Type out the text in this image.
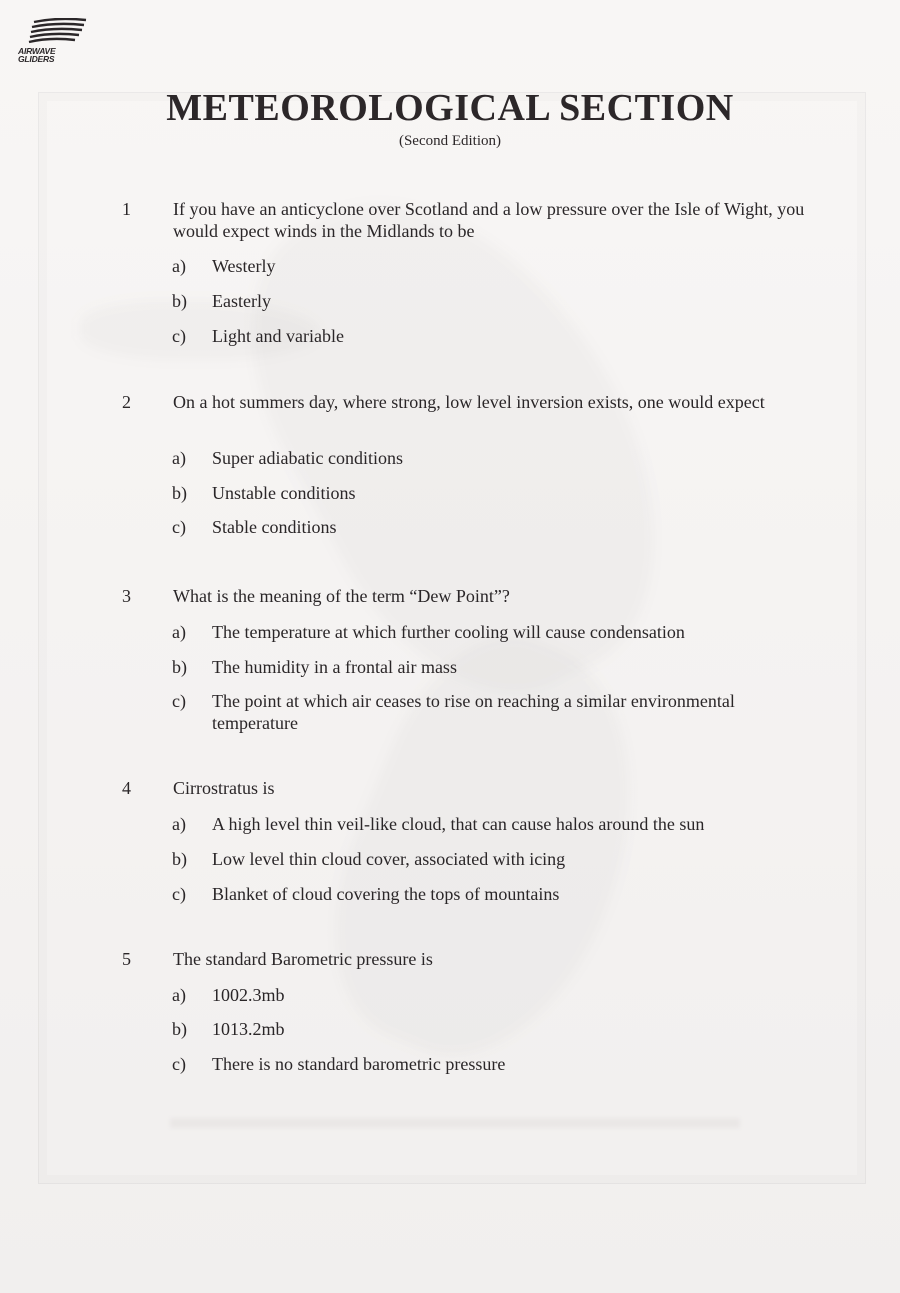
AIRWAVE
GLIDERS
METEOROLOGICAL SECTION
(Second Edition)
1 If you have an anticyclone over Scotland and a low pressure over the Isle of Wight, you would expect winds in the Midlands to be
a) Westerly
b) Easterly
c) Light and variable
2 On a hot summers day, where strong, low level inversion exists, one would expect
a) Super adiabatic conditions
b) Unstable conditions
c) Stable conditions
3 What is the meaning of the term “Dew Point”?
a) The temperature at which further cooling will cause condensation
b) The humidity in a frontal air mass
c) The point at which air ceases to rise on reaching a similar environmental temperature
4 Cirrostratus is
a) A high level thin veil-like cloud, that can cause halos around the sun
b) Low level thin cloud cover, associated with icing
c) Blanket of cloud covering the tops of mountains
5 The standard Barometric pressure is
a) 1002.3mb
b) 1013.2mb
c) There is no standard barometric pressure
